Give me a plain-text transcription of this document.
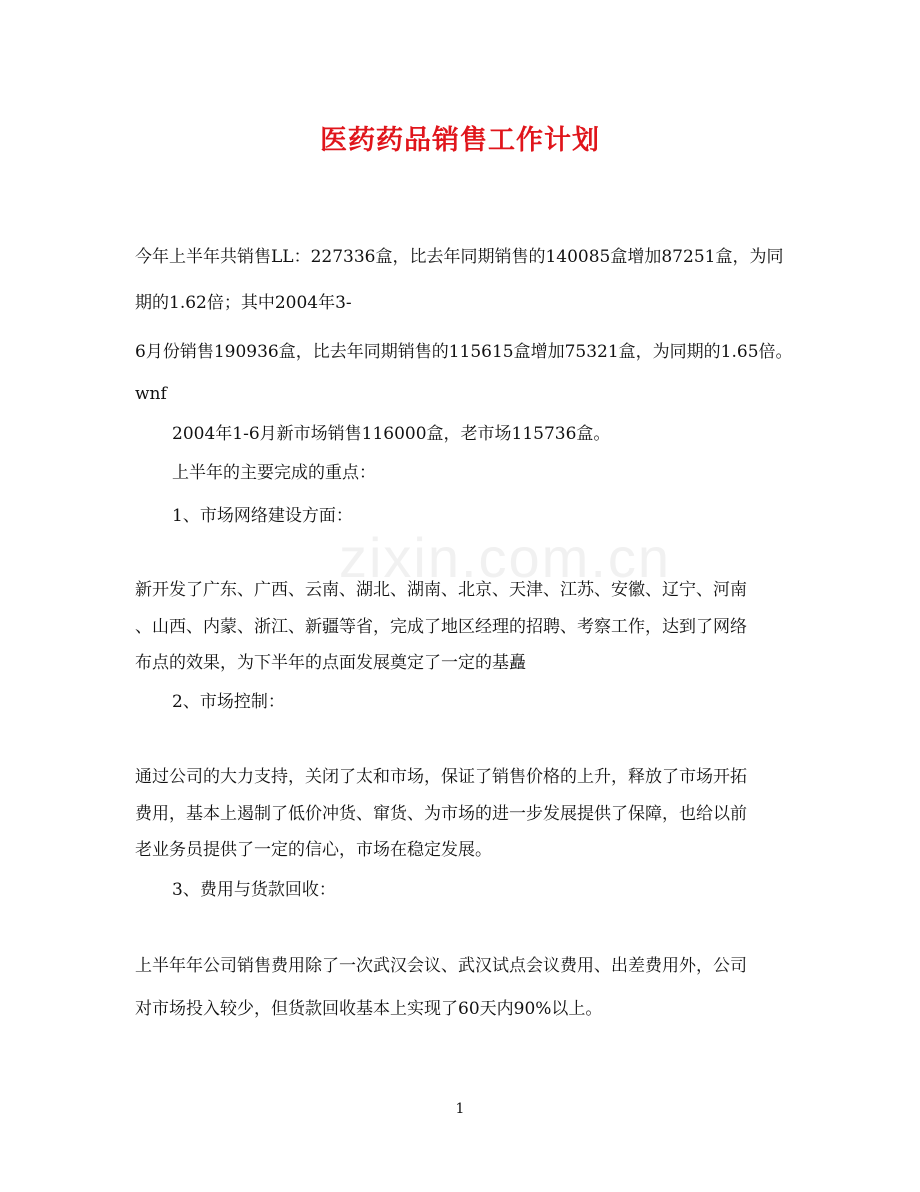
zixin.com.cn
医药药品销售工作计划
今年上半年共销售LL：227336盒，比去年同期销售的140085盒增加87251盒，为同
期的1.62倍；其中2004年3-
6月份销售190936盒，比去年同期销售的115615盒增加75321盒，为同期的1.65倍。
wnf
2004年1-6月新市场销售116000盒，老市场115736盒。
上半年的主要完成的重点：
1、市场网络建设方面：
新开发了广东、广西、云南、湖北、湖南、北京、天津、江苏、安徽、辽宁、河南
、山西、内蒙、浙江、新疆等省，完成了地区经理的招聘、考察工作，达到了网络
布点的效果，为下半年的点面发展奠定了一定的基矗
2、市场控制：
通过公司的大力支持，关闭了太和市场，保证了销售价格的上升，释放了市场开拓
费用，基本上遏制了低价冲货、窜货、为市场的进一步发展提供了保障，也给以前
老业务员提供了一定的信心，市场在稳定发展。
3、费用与货款回收：
上半年年公司销售费用除了一次武汉会议、武汉试点会议费用、出差费用外，公司
对市场投入较少，但货款回收基本上实现了60天内90%以上。
1
